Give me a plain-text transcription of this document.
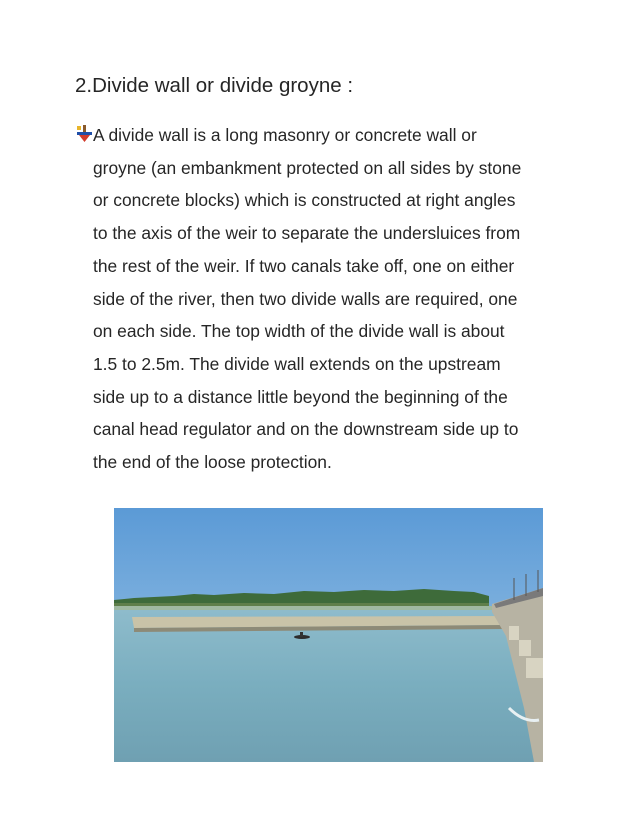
2.Divide wall or divide groyne :

A divide wall is a long masonry or concrete wall or
groyne (an embankment protected on all sides by stone
or concrete blocks) which is constructed at right angles
to the axis of the weir to separate the undersluices from
the rest of the weir. If two canals take off, one on either
side of the river, then two divide walls are required, one
on each side. The top width of the divide wall is about
1.5 to 2.5m. The divide wall extends on the upstream
side up to a distance little beyond the beginning of the
canal head regulator and on the downstream side up to
the end of the loose protection.
